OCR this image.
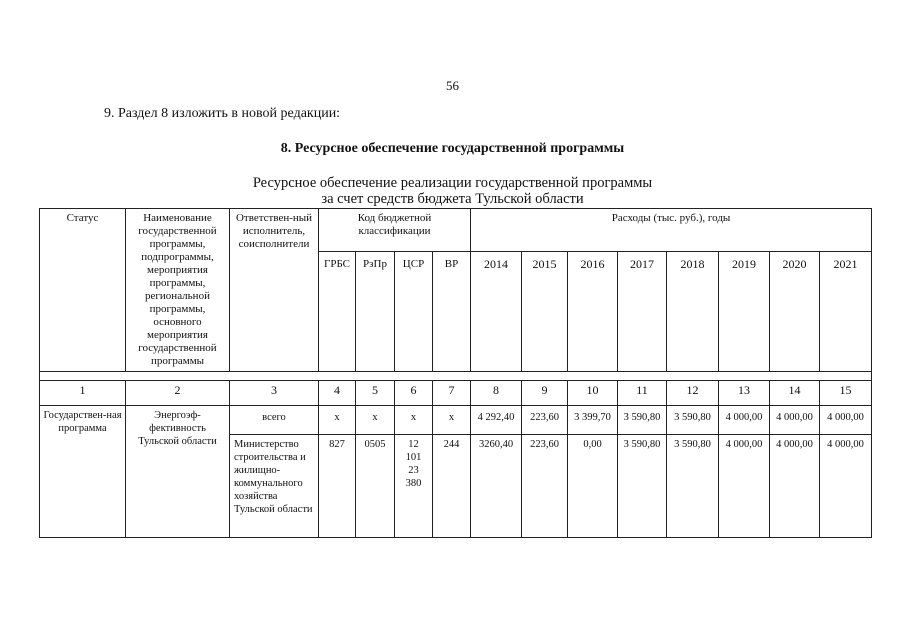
56
9. Раздел 8 изложить в новой редакции:
8. Ресурсное обеспечение государственной программы
Ресурсное обеспечение реализации государственной программы
за счет средств бюджета Тульской области
Статус	Наименование государственной программы, подпрограммы, мероприятия программы, региональной программы, основного мероприятия государственной программы	Ответствен-ный исполнитель, соисполнители	Код бюджетной классификации				Расходы (тыс. руб.), годы							
			ГРБС	РзПр	ЦСР	ВР	2014	2015	2016	2017	2018	2019	2020	2021

1	2	3	4	5	6	7	8	9	10	11	12	13	14	15
Государствен-ная программа	Энергоэф-фективность Тульской области	всего	х	х	х	х	4 292,40	223,60	3 399,70	3 590,80	3 590,80	4 000,00	4 000,00	4 000,00
		Министерство строительства и жилищно-коммунального хозяйства Тульской области	827	0505	12 101 23 380	244	3260,40	223,60	0,00	3 590,80	3 590,80	4 000,00	4 000,00	4 000,00
